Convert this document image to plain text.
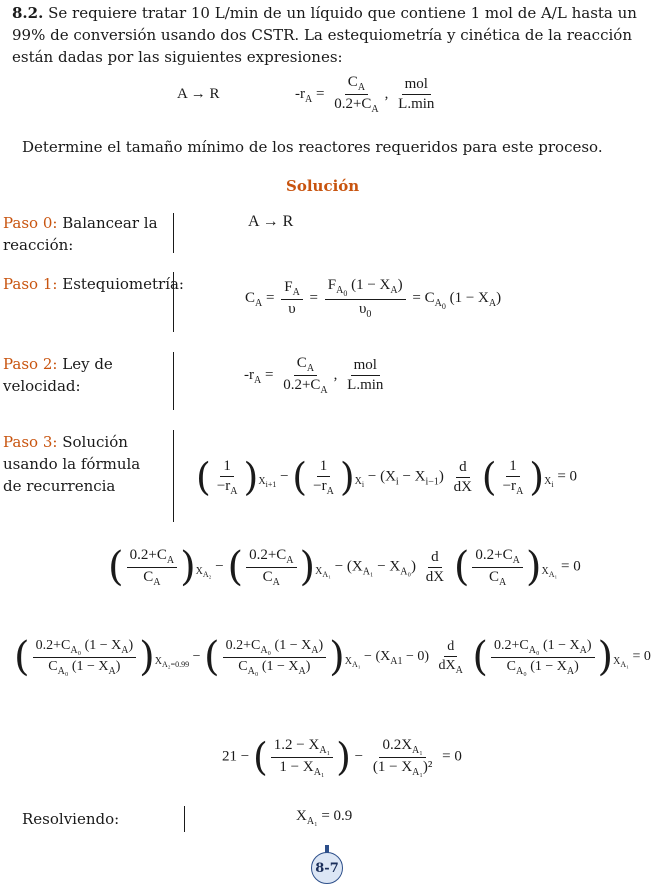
8.2. Se requiere tratar 10 L/min de un líquido que contiene 1 mol de A/L hasta un 99% de conversión usando dos CSTR. La estequiometría y cinética de la reacción están dadas por las siguientes expresiones:
A → R	$-r_A = \frac{C_A}{0.2+C_A}$ , $\frac{\text{mol}}{L.\min}$
Determine el tamaño mínimo de los reactores requeridos para este proceso.
Solución
Paso 0: Balancear la reacción:
A → R
Paso 1: Estequiometría:
$C_A = \frac{F_A}{\upsilon} = \frac{F_{A_0} (1 - X_A)}{\upsilon_0} = C_{A_0}$ $(1 - X_A)$
Paso 2: Ley de velocidad:
$-r_A = \frac{C_A}{0.2+C_A}$ , $\frac{\text{mol}}{L.\min}$
Paso 3: Solución usando la fórmula de recurrencia	( $\frac{1}{-r_A} )_{X_{i+1}}$ − ( $\frac{1}{-r_A} )_{X_i} - (X_i - X_{i-1}) \frac{d}{dX}$ ( $\frac{1}{-r_A} )_{X_i} = 0$
( $\frac{0.2+C_A}{C_A} )_{X_{A_2}}$ − ( $\frac{0.2+C_A}{C_A} )_{X_{A_1}} - (X_{A_1} - X_{A_0}) \frac{d}{dX}$ ( $\frac{0.2+C_A}{C_A} )_{X_{A_1}} = 0$
( $\frac{0.2+C_{A_0} (1 - X_A)}{C_{A_0} (1 - X_A)} )_{X_{A_2=0.99}}$ − ( $\frac{0.2+C_{A_0} (1 - X_A)}{C_{A_0} (1 - X_A)} )_{X_{A_1}} - (X_{A1} - 0) \frac{d}{dX_A}$ ( $\frac{0.2+C_{A_0} (1 - X_A)}{C_{A_0} (1 - X_A)} )_{X_{A_1}} = 0$
21 − ( $\frac{1.2 - X_{A_1}}{1 - X_{A_1}}$ ) − $\frac{0.2X_{A_1}}{(1 - X_{A_1})^2} = 0$
Resolviendo:	$X_{A_1} = 0.9$
8-7
